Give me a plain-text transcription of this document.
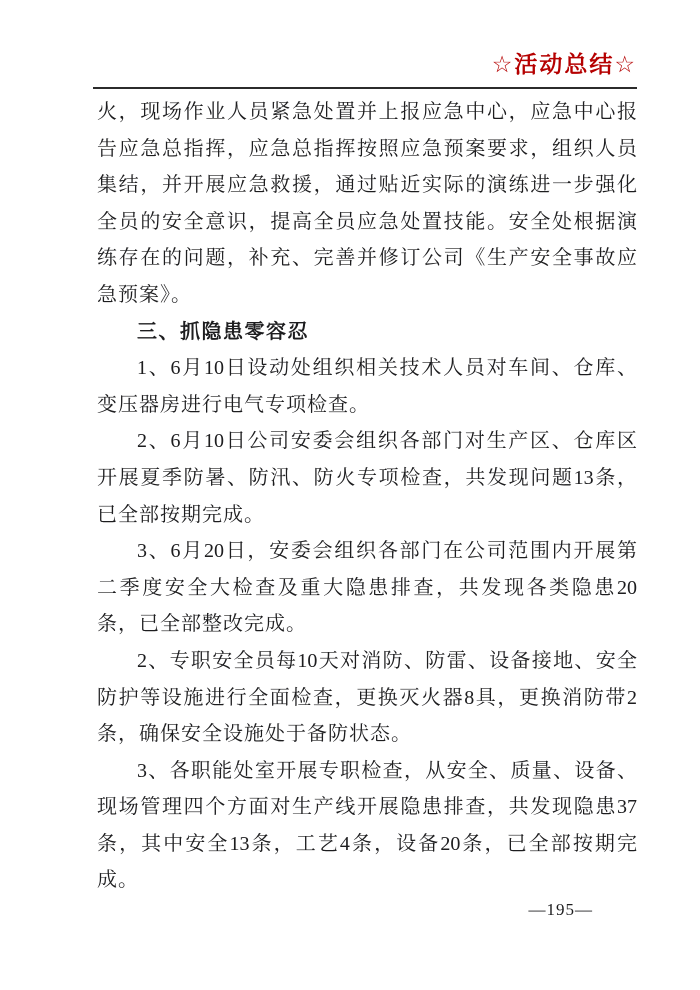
☆活动总结☆
火，现场作业人员紧急处置并上报应急中心，应急中心报
告应急总指挥，应急总指挥按照应急预案要求，组织人员
集结，并开展应急救援，通过贴近实际的演练进一步强化
全员的安全意识，提高全员应急处置技能。安全处根据演
练存在的问题，补充、完善并修订公司《生产安全事故应
急预案》。
三、抓隐患零容忍
1、6月10日设动处组织相关技术人员对车间、仓库、
变压器房进行电气专项检查。
2、6月10日公司安委会组织各部门对生产区、仓库区
开展夏季防暑、防汛、防火专项检查，共发现问题13条，
已全部按期完成。
3、6月20日，安委会组织各部门在公司范围内开展第
二季度安全大检查及重大隐患排查，共发现各类隐患20
条，已全部整改完成。
2、专职安全员每10天对消防、防雷、设备接地、安全
防护等设施进行全面检查，更换灭火器8具，更换消防带2
条，确保安全设施处于备防状态。
3、各职能处室开展专职检查，从安全、质量、设备、
现场管理四个方面对生产线开展隐患排查，共发现隐患37
条，其中安全13条，工艺4条，设备20条，已全部按期完
成。
—195—
